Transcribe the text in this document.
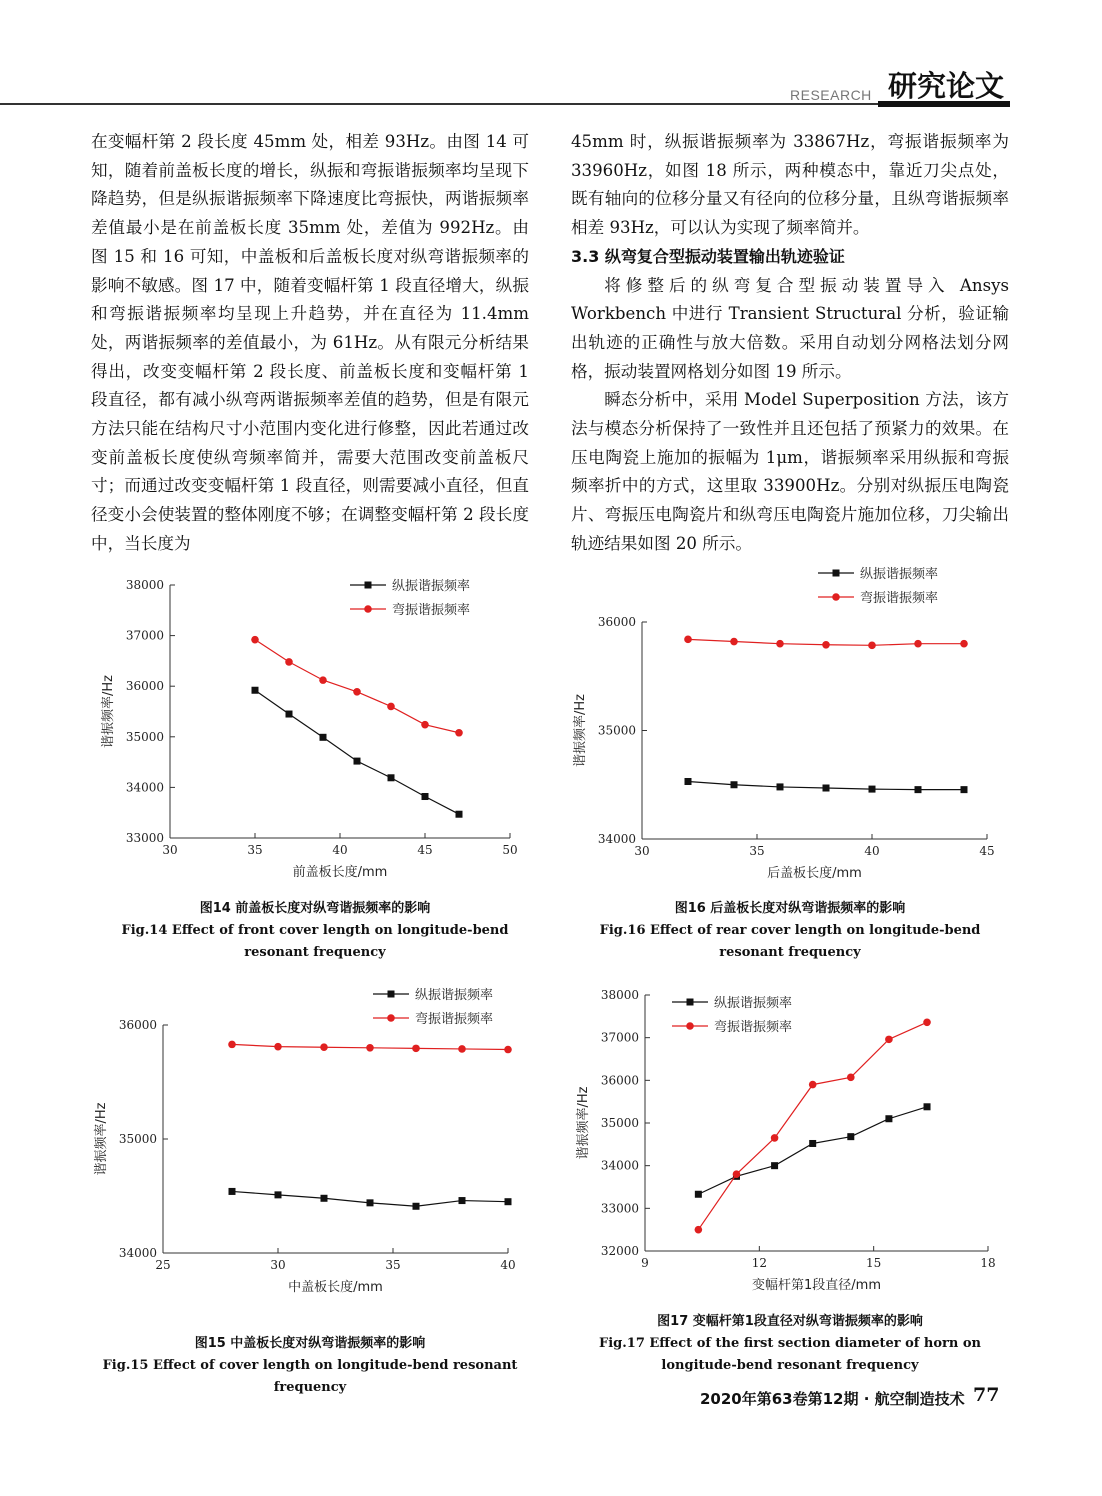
RESEARCH 研究论文

在变幅杆第 2 段长度 45mm 处，相差 93Hz。由图 14 可知，随着前盖板长度的增长，纵振和弯振谐振频率均呈现下降趋势，但是纵振谐振频率下降速度比弯振快，两谐振频率差值最小是在前盖板长度 35mm 处，差值为 992Hz。由图 15 和 16 可知，中盖板和后盖板长度对纵弯谐振频率的影响不敏感。图 17 中，随着变幅杆第 1 段直径增大，纵振和弯振谐振频率均呈现上升趋势，并在直径为 11.4mm 处，两谐振频率的差值最小，为 61Hz。从有限元分析结果得出，改变变幅杆第 2 段长度、前盖板长度和变幅杆第 1 段直径，都有减小纵弯两谐振频率差值的趋势，但是有限元方法只能在结构尺寸小范围内变化进行修整，因此若通过改变前盖板长度使纵弯频率简并，需要大范围改变前盖板尺寸；而通过改变变幅杆第 1 段直径，则需要减小直径，但直径变小会使装置的整体刚度不够；在调整变幅杆第 2 段长度中，当长度为

45mm 时，纵振谐振频率为 33867Hz，弯振谐振频率为 33960Hz，如图 18 所示，两种模态中，靠近刀尖点处，既有轴向的位移分量又有径向的位移分量，且纵弯谐振频率相差 93Hz，可以认为实现了频率简并。

3.3 纵弯复合型振动装置输出轨迹验证

将修整后的纵弯复合型振动装置导入 Ansys Workbench 中进行 Transient Structural 分析，验证输出轨迹的正确性与放大倍数。采用自动划分网格法划分网格，振动装置网格划分如图 19 所示。

瞬态分析中，采用 Model Superposition 方法，该方法与模态分析保持了一致性并且还包括了预紧力的效果。在压电陶瓷上施加的振幅为 1μm，谐振频率采用纵振和弯振频率折中的方式，这里取 33900Hz。分别对纵振压电陶瓷片、弯振压电陶瓷片和纵弯压电陶瓷片施加位移，刀尖输出轨迹结果如图 20 所示。

30	35	40	45	50
33000
34000
35000
36000
37000
38000
前盖板长度/mm
谐振频率/Hz
纵振谐振频率
弯振谐振频率
30	35	40	45
34000
35000
36000
后盖板长度/mm
谐振频率/Hz
纵振谐振频率
弯振谐振频率
25	30	35	40
34000
35000
36000
中盖板长度/mm
谐振频率/Hz
纵振谐振频率
弯振谐振频率
9	12	15	18
32000
33000
34000
35000
36000
37000
38000
变幅杆第1段直径/mm
谐振频率/Hz
纵振谐振频率
弯振谐振频率
图14 前盖板长度对纵弯谐振频率的影响
Fig.14 Effect of front cover length on longitude-bend resonant frequency
图16 后盖板长度对纵弯谐振频率的影响
Fig.16 Effect of rear cover length on longitude-bend resonant frequency
图15 中盖板长度对纵弯谐振频率的影响
Fig.15 Effect of cover length on longitude-bend resonant frequency
图17 变幅杆第1段直径对纵弯谐振频率的影响
Fig.17 Effect of the first section diameter of horn on longitude-bend resonant frequency
2020年第63卷第12期 · 航空制造技术 77
